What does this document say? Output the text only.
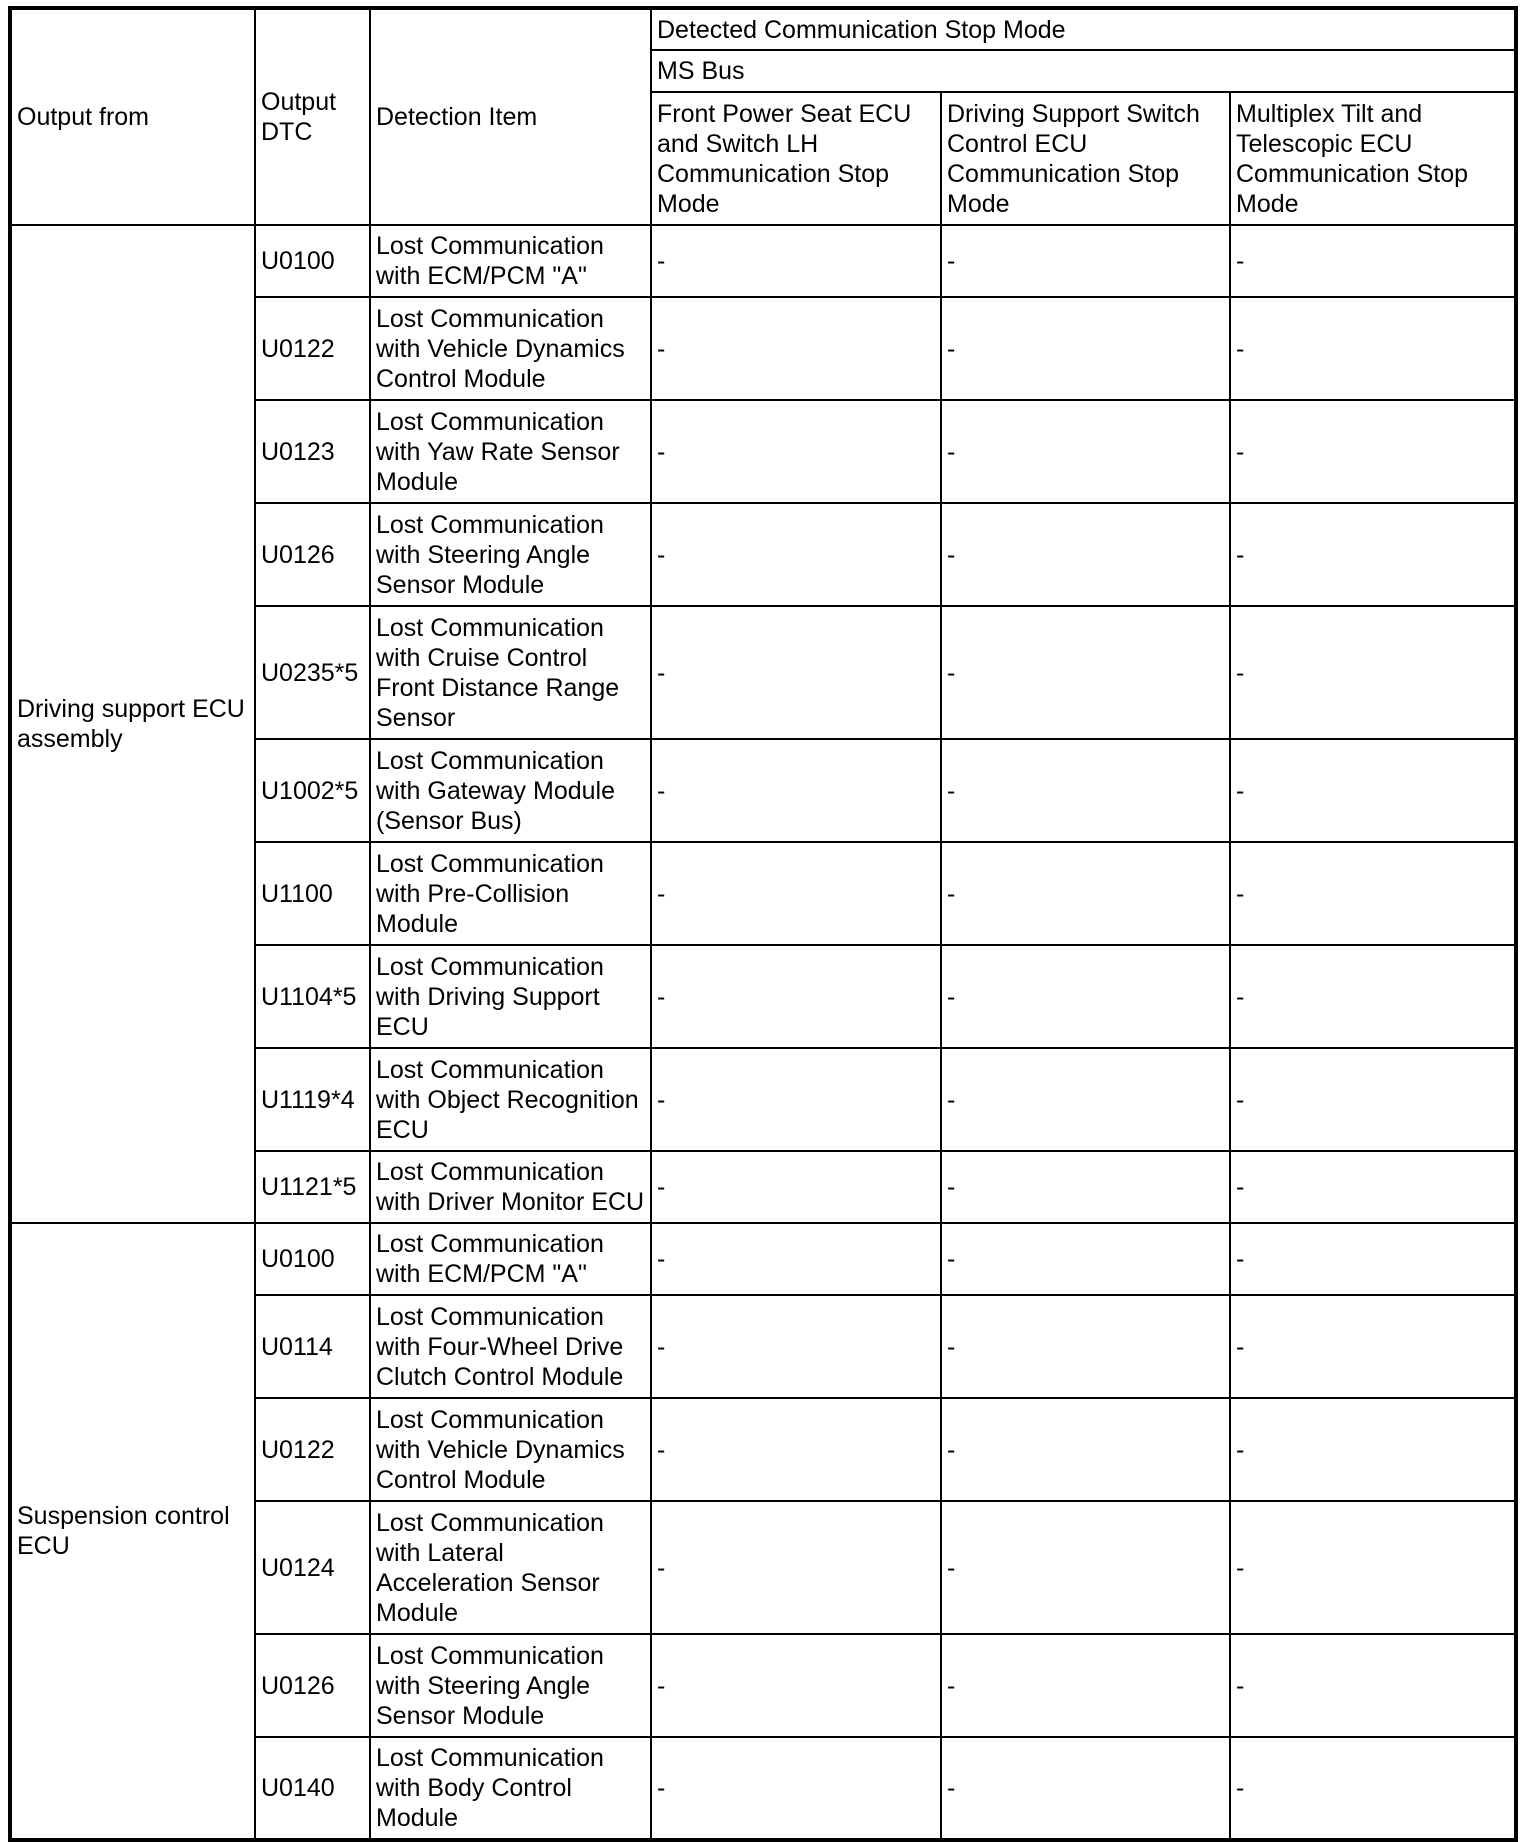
Output from	Output DTC	Detection Item	Detected Communication Stop Mode		
			MS Bus		
			Front Power Seat ECU and Switch LH Communication Stop Mode	Driving Support Switch Control ECU Communication Stop Mode	Multiplex Tilt and Telescopic ECU Communication Stop Mode
Driving support ECU assembly	U0100	Lost Communication with ECM/PCM "A"	-	-	-
	U0122	Lost Communication with Vehicle Dynamics Control Module	-	-	-
	U0123	Lost Communication with Yaw Rate Sensor Module	-	-	-
	U0126	Lost Communication with Steering Angle Sensor Module	-	-	-
	U0235*5	Lost Communication with Cruise Control Front Distance Range Sensor	-	-	-
	U1002*5	Lost Communication with Gateway Module (Sensor Bus)	-	-	-
	U1100	Lost Communication with Pre-Collision Module	-	-	-
	U1104*5	Lost Communication with Driving Support ECU	-	-	-
	U1119*4	Lost Communication with Object Recognition ECU	-	-	-
	U1121*5	Lost Communication with Driver Monitor ECU	-	-	-
Suspension control ECU	U0100	Lost Communication with ECM/PCM "A"	-	-	-
	U0114	Lost Communication with Four-Wheel Drive Clutch Control Module	-	-	-
	U0122	Lost Communication with Vehicle Dynamics Control Module	-	-	-
	U0124	Lost Communication with Lateral Acceleration Sensor Module	-	-	-
	U0126	Lost Communication with Steering Angle Sensor Module	-	-	-
	U0140	Lost Communication with Body Control Module	-	-	-
